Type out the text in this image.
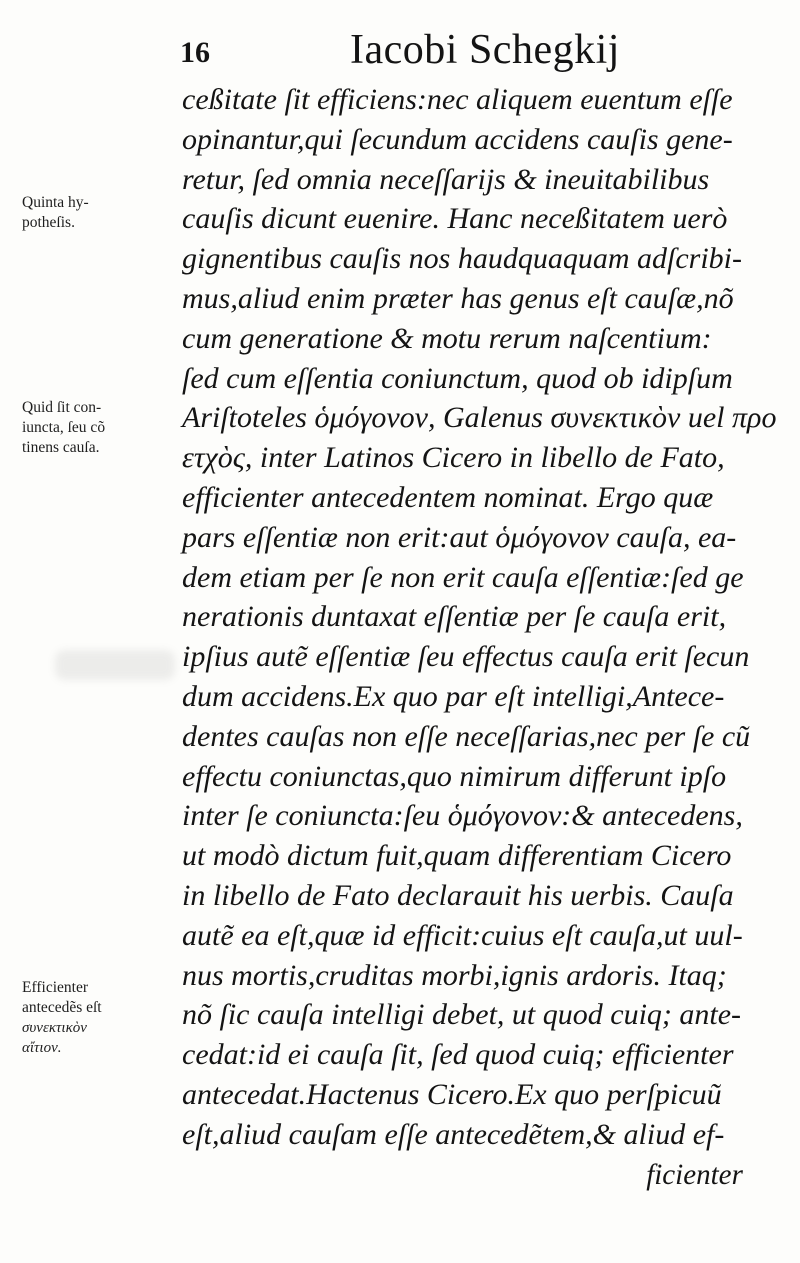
16	Iacobi Schegkij
Quinta hy-
potheſis.
Quid ſit con-
iuncta, ſeu cõ
tinens cauſa.
Efficienter
antecedẽs eſt
συνεκτικὸν
αἴτιον.
ceßitate ſit efficiens:nec aliquem euentum eſſe
opinantur,qui ſecundum accidens cauſis gene-
retur, ſed omnia neceſſarijs & ineuitabilibus
cauſis dicunt euenire. Hanc neceßitatem uerò
gignentibus cauſis nos haudquaquam adſcribi-
mus,aliud enim præter has genus eſt cauſæ,nõ
cum generatione & motu rerum naſcentium:
ſed cum eſſentia coniunctum, quod ob idipſum
Ariſtoteles ὁμόγονον, Galenus συνεκτικὸν uel προ
ετχὸς, inter Latinos Cicero in libello de Fato,
efficienter antecedentem nominat. Ergo quæ
pars eſſentiæ non erit:aut ὁμόγονον cauſa, ea-
dem etiam per ſe non erit cauſa eſſentiæ:ſed ge
nerationis duntaxat eſſentiæ per ſe cauſa erit,
ipſius autẽ eſſentiæ ſeu effectus cauſa erit ſecun
dum accidens.Ex quo par eſt intelligi,Antece-
dentes cauſas non eſſe neceſſarias,nec per ſe cũ
effectu coniunctas,quo nimirum differunt ipſo
inter ſe coniuncta:ſeu ὁμόγονον:& antecedens,
ut modò dictum fuit,quam differentiam Cicero
in libello de Fato declarauit his uerbis. Cauſa
autẽ ea eſt,quæ id efficit:cuius eſt cauſa,ut uul-
nus mortis,cruditas morbi,ignis ardoris. Itaq;
nõ ſic cauſa intelligi debet, ut quod cuiq; ante-
cedat:id ei cauſa ſit, ſed quod cuiq; efficienter
antecedat.Hactenus Cicero.Ex quo perſpicuũ
eſt,aliud cauſam eſſe antecedẽtem,& aliud ef-
ficienter
